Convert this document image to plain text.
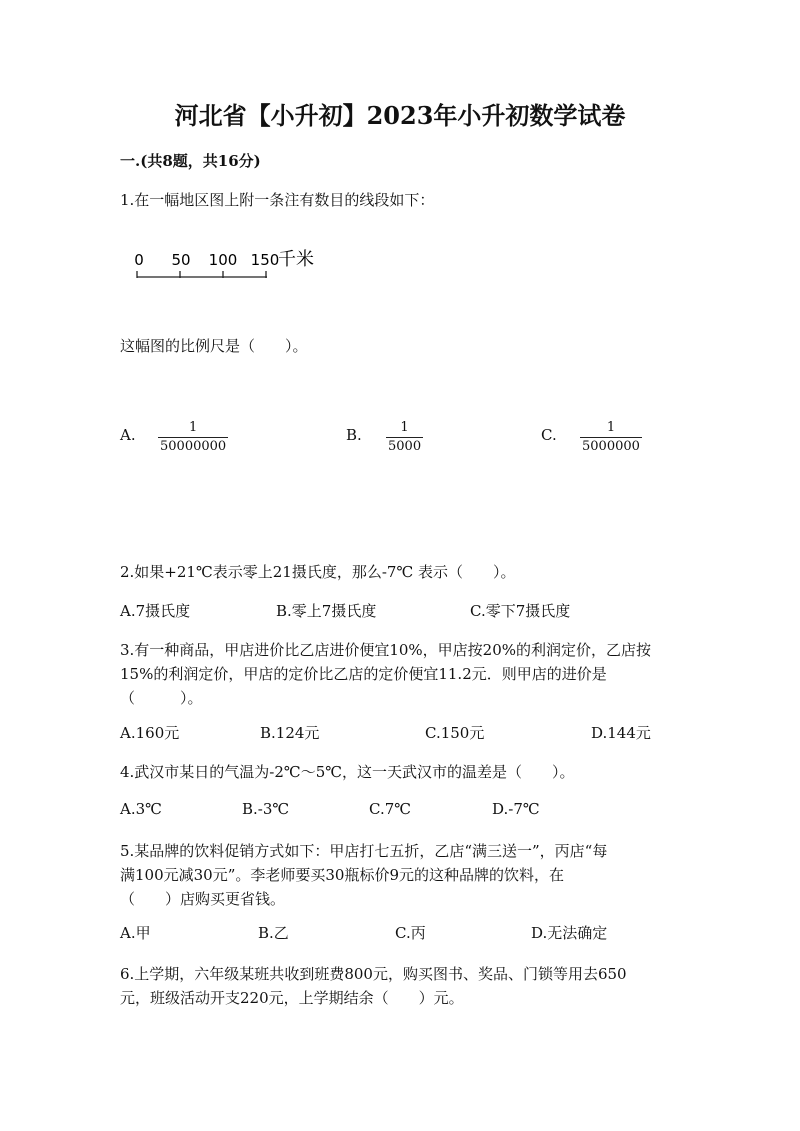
河北省【小升初】2023年小升初数学试卷
一.(共8题，共16分)
1.在一幅地区图上附一条注有数目的线段如下：
0 50 100 150
千米
这幅图的比例尺是（　　）。
A.	1
50000000
B.	1
5000
C.	1
5000000
2.如果+21℃表示零上21摄氏度，那么-7℃ 表示（　　）。
A.7摄氏度	B.零上7摄氏度	C.零下7摄氏度
3.有一种商品，甲店进价比乙店进价便宜10%，甲店按20%的利润定价，乙店按
15%的利润定价，甲店的定价比乙店的定价便宜11.2元．则甲店的进价是
（　　　）。
A.160元	B.124元	C.150元	D.144元
4.武汉市某日的气温为-2℃～5℃，这一天武汉市的温差是（　　）。
A.3℃	B.-3℃	C.7℃	D.-7℃
5.某品牌的饮料促销方式如下：甲店打七五折，乙店“满三送一”，丙店“每
满100元减30元”。李老师要买30瓶标价9元的这种品牌的饮料，在
（　　）店购买更省钱。
A.甲	B.乙	C.丙	D.无法确定
6.上学期，六年级某班共收到班费800元，购买图书、奖品、门锁等用去650
元，班级活动开支220元，上学期结余（　　）元。
